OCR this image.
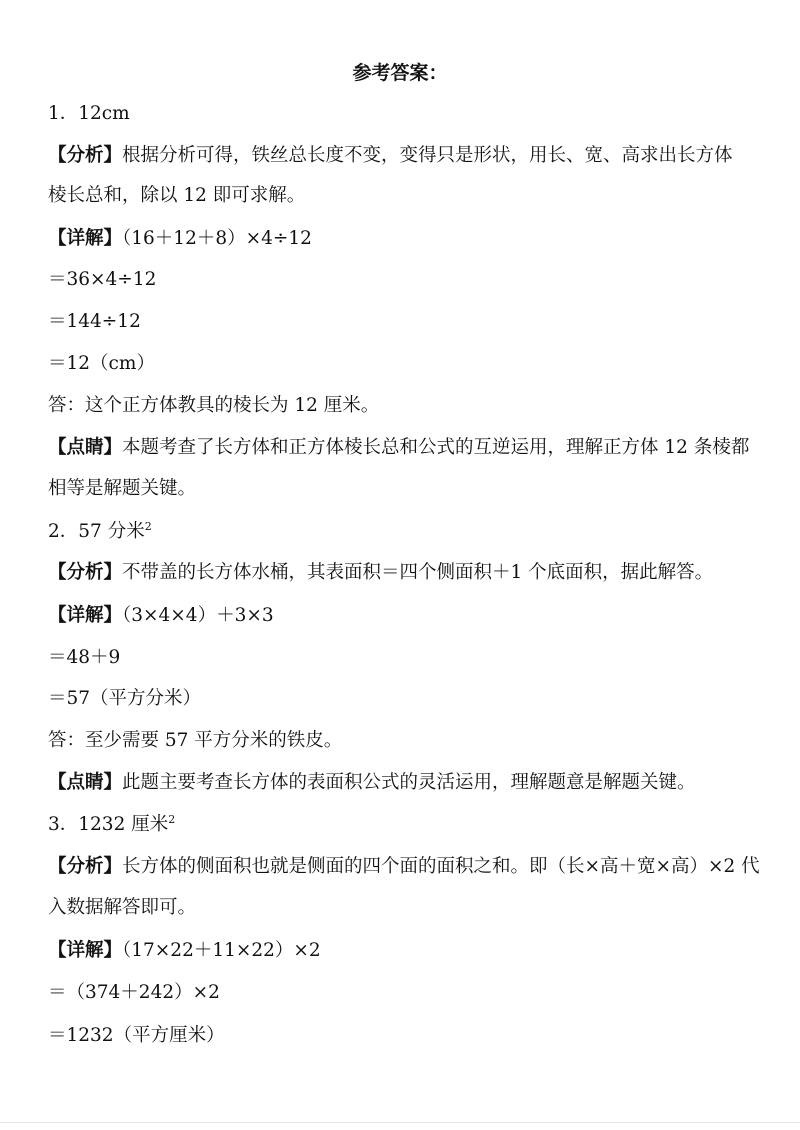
参考答案：
1．12cm
【分析】根据分析可得，铁丝总长度不变，变得只是形状，用长、宽、高求出长方体
棱长总和，除以 12 即可求解。
【详解】（16＋12＋8）×4÷12
＝36×4÷12
＝144÷12
＝12（cm）
答：这个正方体教具的棱长为 12 厘米。
【点睛】本题考查了长方体和正方体棱长总和公式的互逆运用，理解正方体 12 条棱都
相等是解题关键。
2．57 分米$^2$
【分析】不带盖的长方体水桶，其表面积＝四个侧面积＋1 个底面积，据此解答。
【详解】（3×4×4）＋3×3
＝48＋9
＝57（平方分米）
答：至少需要 57 平方分米的铁皮。
【点睛】此题主要考查长方体的表面积公式的灵活运用，理解题意是解题关键。
3．1232 厘米$^2$
【分析】长方体的侧面积也就是侧面的四个面的面积之和。即（长×高＋宽×高）×2 代
入数据解答即可。
【详解】（17×22＋11×22）×2
＝（374＋242）×2
＝1232（平方厘米）
